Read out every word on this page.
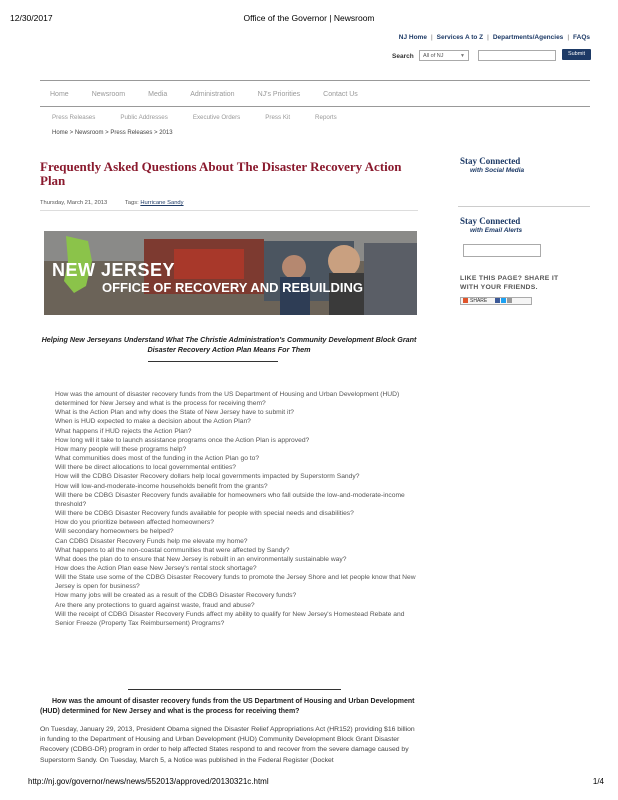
12/30/2017	Office of the Governor | Newsroom
NJ Home | Services A to Z | Departments/Agencies | FAQs
Search	All of NJ	▼	Submit
Home	Newsroom	Media	Administration	NJ's Priorities	Contact Us
Press Releases	Public Addresses	Executive Orders	Press Kit	Reports
Home > Newsroom > Press Releases > 2013
Frequently Asked Questions About The Disaster Recovery Action Plan
Thursday, March 21, 2013	Tags: Hurricane Sandy
NEW JERSEY
OFFICE OF RECOVERY AND REBUILDING
Helping New Jerseyans Understand What The Christie Administration's Community Development Block Grant Disaster Recovery Action Plan Means For Them
How was the amount of disaster recovery funds from the US Department of Housing and Urban Development (HUD) determined for New Jersey and what is the process for receiving them?
What is the Action Plan and why does the State of New Jersey have to submit it?
When is HUD expected to make a decision about the Action Plan?
What happens if HUD rejects the Action Plan?
How long will it take to launch assistance programs once the Action Plan is approved?
How many people will these programs help?
What communities does most of the funding in the Action Plan go to?
Will there be direct allocations to local governmental entities?
How will the CDBG Disaster Recovery dollars help local governments impacted by Superstorm Sandy?
How will low-and-moderate-income households benefit from the grants?
Will there be CDBG Disaster Recovery funds available for homeowners who fall outside the low-and-moderate-income threshold?
Will there be CDBG Disaster Recovery funds available for people with special needs and disabilities?
How do you prioritize between affected homeowners?
Will secondary homeowners be helped?
Can CDBG Disaster Recovery Funds help me elevate my home?
What happens to all the non-coastal communities that were affected by Sandy?
What does the plan do to ensure that New Jersey is rebuilt in an environmentally sustainable way?
How does the Action Plan ease New Jersey's rental stock shortage?
Will the State use some of the CDBG Disaster Recovery funds to promote the Jersey Shore and let people know that New Jersey is open for business?
How many jobs will be created as a result of the CDBG Disaster Recovery funds?
Are there any protections to guard against waste, fraud and abuse?
Will the receipt of CDBG Disaster Recovery Funds affect my ability to qualify for New Jersey's Homestead Rebate and Senior Freeze (Property Tax Reimbursement) Programs?
How was the amount of disaster recovery funds from the US Department of Housing and Urban Development (HUD) determined for New Jersey and what is the process for receiving them?
On Tuesday, January 29, 2013, President Obama signed the Disaster Relief Appropriations Act (HR152) providing $16 billion in funding to the Department of Housing and Urban Development (HUD) Community Development Block Grant Disaster Recovery (CDBG-DR) program in order to help affected States respond to and recover from the severe damage caused by Superstorm Sandy. On Tuesday, March 5, a Notice was published in the Federal Register (Docket
Stay Connected
with Social Media
Stay Connected
with Email Alerts
LIKE THIS PAGE? SHARE IT
WITH YOUR FRIENDS.
SHARE
http://nj.gov/governor/news/news/552013/approved/20130321c.html	1/4
